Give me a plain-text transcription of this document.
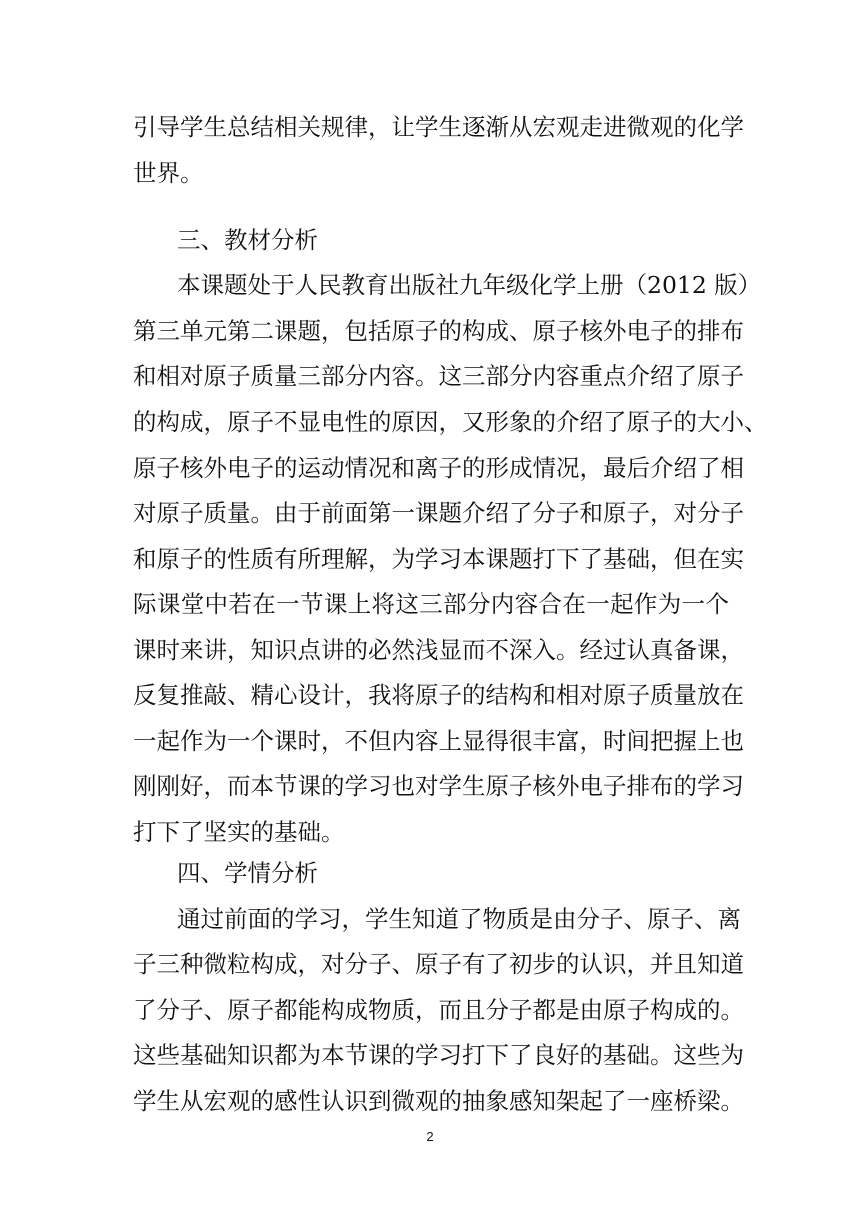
引导学生总结相关规律，让学生逐渐从宏观走进微观的化学
世界。
三、教材分析
本课题处于人民教育出版社九年级化学上册（2012 版）
第三单元第二课题，包括原子的构成、原子核外电子的排布
和相对原子质量三部分内容。这三部分内容重点介绍了原子
的构成，原子不显电性的原因，又形象的介绍了原子的大小、
原子核外电子的运动情况和离子的形成情况，最后介绍了相
对原子质量。由于前面第一课题介绍了分子和原子，对分子
和原子的性质有所理解，为学习本课题打下了基础，但在实
际课堂中若在一节课上将这三部分内容合在一起作为一个
课时来讲，知识点讲的必然浅显而不深入。经过认真备课，
反复推敲、精心设计，我将原子的结构和相对原子质量放在
一起作为一个课时，不但内容上显得很丰富，时间把握上也
刚刚好，而本节课的学习也对学生原子核外电子排布的学习
打下了坚实的基础。
四、学情分析
通过前面的学习，学生知道了物质是由分子、原子、离
子三种微粒构成，对分子、原子有了初步的认识，并且知道
了分子、原子都能构成物质，而且分子都是由原子构成的。
这些基础知识都为本节课的学习打下了良好的基础。这些为
学生从宏观的感性认识到微观的抽象感知架起了一座桥梁。
2
